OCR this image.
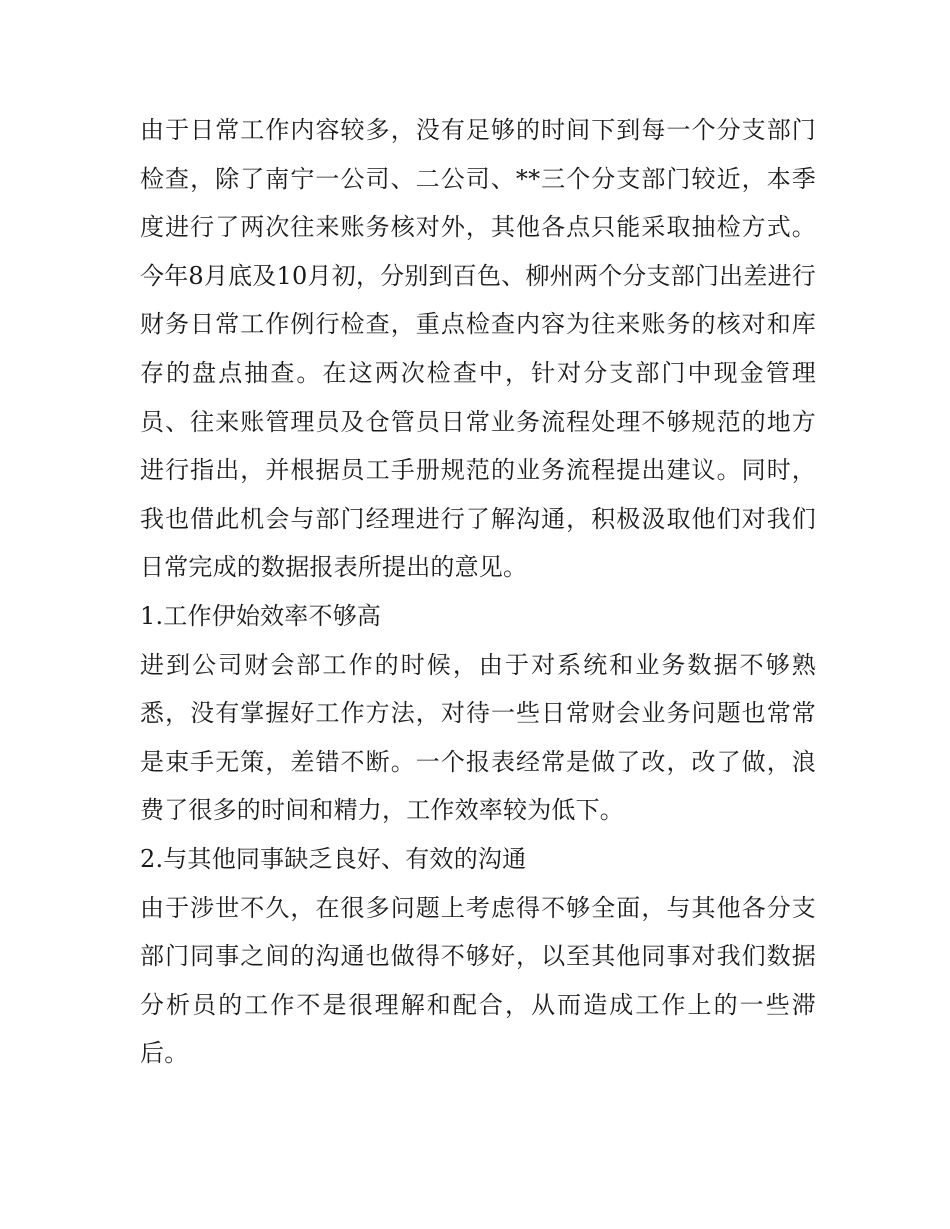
由于日常工作内容较多，没有足够的时间下到每一个分支部门检查，除了南宁一公司、二公司、**三个分支部门较近，本季度进行了两次往来账务核对外，其他各点只能采取抽检方式。今年8月底及10月初，分别到百色、柳州两个分支部门出差进行财务日常工作例行检查，重点检查内容为往来账务的核对和库存的盘点抽查。在这两次检查中，针对分支部门中现金管理员、往来账管理员及仓管员日常业务流程处理不够规范的地方进行指出，并根据员工手册规范的业务流程提出建议。同时，我也借此机会与部门经理进行了解沟通，积极汲取他们对我们日常完成的数据报表所提出的意见。

1.工作伊始效率不够高

进到公司财会部工作的时候，由于对系统和业务数据不够熟悉，没有掌握好工作方法，对待一些日常财会业务问题也常常是束手无策，差错不断。一个报表经常是做了改，改了做，浪费了很多的时间和精力，工作效率较为低下。

2.与其他同事缺乏良好、有效的沟通

由于涉世不久，在很多问题上考虑得不够全面，与其他各分支部门同事之间的沟通也做得不够好，以至其他同事对我们数据分析员的工作不是很理解和配合，从而造成工作上的一些滞后。
